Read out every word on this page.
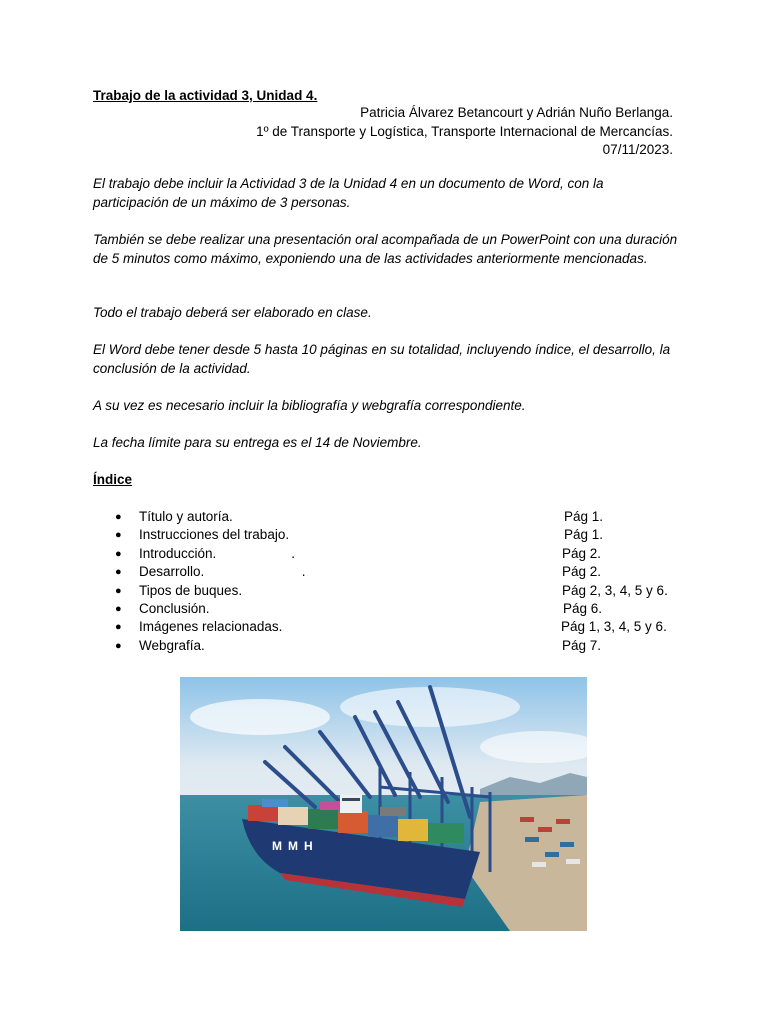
Trabajo de la actividad 3, Unidad 4.
Patricia Álvarez Betancourt y Adrián Nuño Berlanga.
1º de Transporte y Logística, Transporte Internacional de Mercancías.
07/11/2023.
El trabajo debe incluir la Actividad 3 de la Unidad 4 en un documento de Word, con la participación de un máximo de 3 personas.
También se debe realizar una presentación oral acompañada de un PowerPoint con una duración de 5 minutos como máximo, exponiendo una de las actividades anteriormente mencionadas.
Todo el trabajo deberá ser elaborado en clase.
El Word debe tener desde 5 hasta 10 páginas en su totalidad, incluyendo índice, el desarrollo, la conclusión de la actividad.
A su vez es necesario incluir la bibliografía y webgrafía correspondiente.
La fecha límite para su entrega es el 14 de Noviembre.
Índice
● Título y autoría.	Pág 1.
● Instrucciones del trabajo.	Pág 1.
● Introducción.                    .	Pág 2.
● Desarrollo.                          .	Pág 2.
● Tipos de buques.	Pág 2, 3, 4, 5 y 6.
● Conclusión.	Pág 6.
● Imágenes relacionadas.	Pág 1, 3, 4, 5 y 6.
● Webgrafía.	Pág 7.
MMH
